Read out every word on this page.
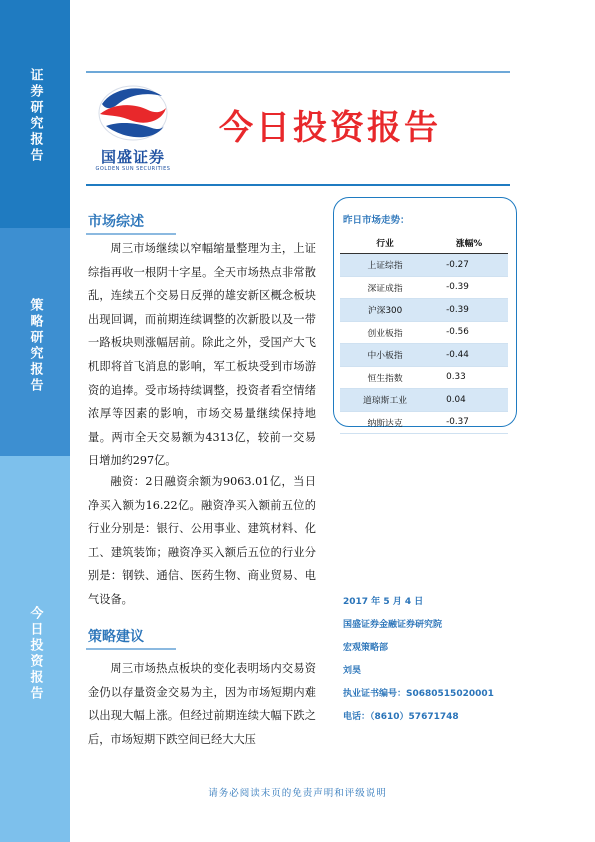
证券研究报告
策略研究报告
今日投资报告
国盛证券
GOLDEN SUN SECURITIES
今日投资报告
市场综述

周三市场继续以窄幅缩量整理为主，上证综指再收一根阴十字星。全天市场热点非常散乱，连续五个交易日反弹的雄安新区概念板块出现回调，而前期连续调整的次新股以及一带一路板块则涨幅居前。除此之外，受国产大飞机即将首飞消息的影响，军工板块受到市场游资的追捧。受市场持续调整，投资者看空情绪浓厚等因素的影响，市场交易量继续保持地量。两市全天交易额为4313亿，较前一交易日增加约297亿。

融资：2日融资余额为9063.01亿，当日净买入额为16.22亿。融资净买入额前五位的行业分别是：银行、公用事业、建筑材料、化工、建筑装饰；融资净买入额后五位的行业分别是：钢铁、通信、医药生物、商业贸易、电气设备。

策略建议

周三市场热点板块的变化表明场内交易资金仍以存量资金交易为主，因为市场短期内难以出现大幅上涨。但经过前期连续大幅下跌之后，市场短期下跌空间已经大大压

昨日市场走势：
行业	涨幅%
上证综指	-0.27
深证成指	-0.39
沪深300	-0.39
创业板指	-0.56
中小板指	-0.44
恒生指数	0.33
道琼斯工业	0.04
纳斯达克	-0.37
2017 年 5 月 4 日
国盛证券金融证券研究院
宏观策略部
刘昊
执业证书编号：S0680515020001
电话：（8610）57671748
请务必阅读末页的免责声明和评级说明
